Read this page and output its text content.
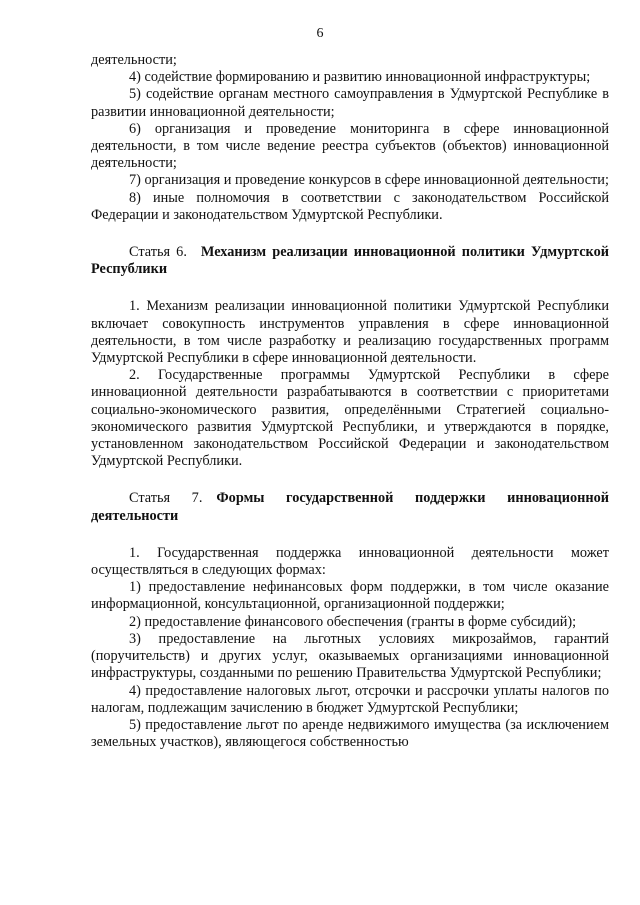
6

деятельности;

4) содействие формированию и развитию инновационной инфраструктуры;

5) содействие органам местного самоуправления в Удмуртской Республике в развитии инновационной деятельности;

6) организация и проведение мониторинга в сфере инновационной деятельности, в том числе ведение реестра субъектов (объектов) инновационной деятельности;

7) организация и проведение конкурсов в сфере инновационной деятельности;

8) иные полномочия в соответствии с законодательством Российской Федерации и законодательством Удмуртской Республики.

Статья 6. Механизм реализации инновационной политики Удмуртской Республики

1. Механизм реализации инновационной политики Удмуртской Республики включает совокупность инструментов управления в сфере инновационной деятельности, в том числе разработку и реализацию государственных программ Удмуртской Республики в сфере инновационной деятельности.

2. Государственные программы Удмуртской Республики в сфере инновационной деятельности разрабатываются в соответствии с приоритетами социально-экономического развития, определёнными Стратегией социально-экономического развития Удмуртской Республики, и утверждаются в порядке, установленном законодательством Российской Федерации и законодательством Удмуртской Республики.

Статья 7. Формы государственной поддержки инновационной деятельности

1. Государственная поддержка инновационной деятельности может осуществляться в следующих формах:

1) предоставление нефинансовых форм поддержки, в том числе оказание информационной, консультационной, организационной поддержки;

2) предоставление финансового обеспечения (гранты в форме субсидий);

3) предоставление на льготных условиях микрозаймов, гарантий (поручительств) и других услуг, оказываемых организациями инновационной инфраструктуры, созданными по решению Правительства Удмуртской Республики;

4) предоставление налоговых льгот, отсрочки и рассрочки уплаты налогов по налогам, подлежащим зачислению в бюджет Удмуртской Республики;

5) предоставление льгот по аренде недвижимого имущества (за исключением земельных участков), являющегося собственностью
